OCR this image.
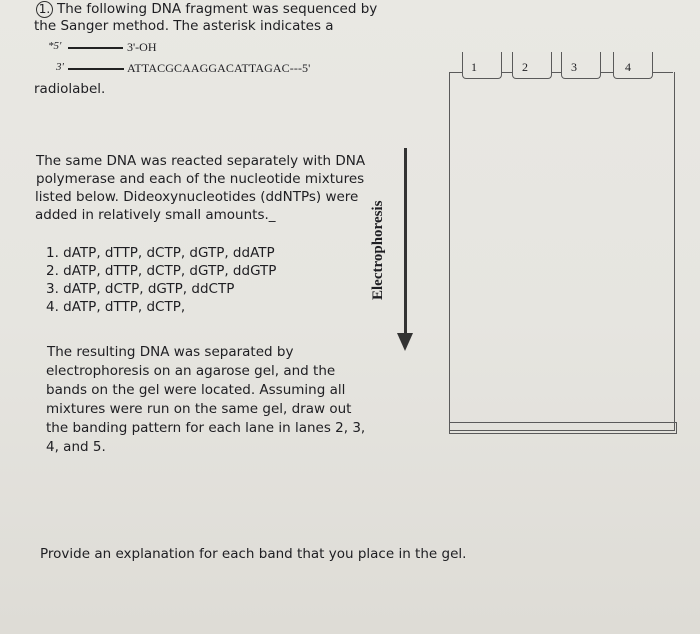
1. The following DNA fragment was sequenced by
the Sanger method. The asterisk indicates a
*5'	3'-OH
3'	ATTACGCAAGGACATTAGAC---5'
radiolabel.
The same DNA was reacted separately with DNA
polymerase and each of the nucleotide mixtures
listed below. Dideoxynucleotides (ddNTPs) were
added in relatively small amounts._
1. dATP, dTTP, dCTP, dGTP, ddATP
2. dATP, dTTP, dCTP, dGTP, ddGTP
3. dATP, dCTP, dGTP, ddCTP
4. dATP, dTTP, dCTP,
The resulting DNA was separated by
electrophoresis on an agarose gel, and the
bands on the gel were located. Assuming all
mixtures were run on the same gel, draw out
the banding pattern for each lane in lanes 2, 3,
4, and 5.
Provide an explanation for each band that you place in the gel.
Electrophoresis
1	2	3	4
